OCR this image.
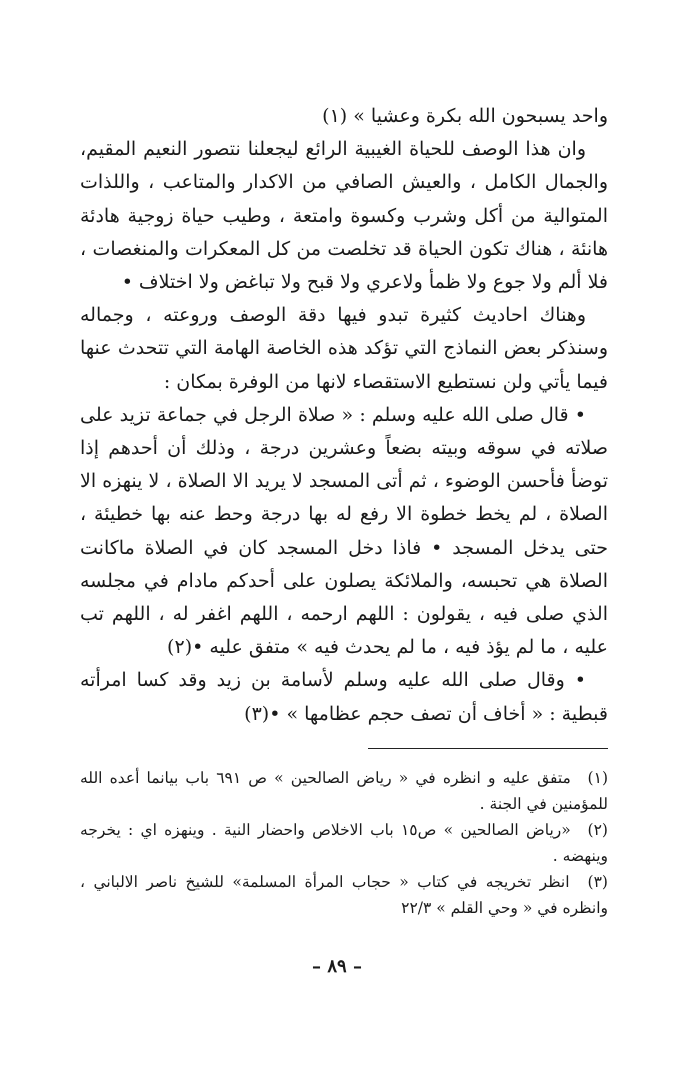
واحد يسبحون الله بكرة وعشيا » (١)

وان هذا الوصف للحياة الغيبية الرائع ليجعلنا نتصور النعيم المقيم، والجمال الكامل ، والعيش الصافي من الاكدار والمتاعب ، واللذات المتوالية من أكل وشرب وكسوة وامتعة ، وطيب حياة زوجية هادئة هانئة ، هناك تكون الحياة قد تخلصت من كل المعكرات والمنغصات ، فلا ألم ولا جوع ولا ظمأ ولاعري ولا قبح ولا تباغض ولا اختلاف •

وهناك احاديث كثيرة تبدو فيها دقة الوصف وروعته ، وجماله وسنذكر بعض النماذج التي تؤكد هذه الخاصة الهامة التي تتحدث عنها فيما يأتي ولن نستطيع الاستقصاء لانها من الوفرة بمكان :

• قال صلى الله عليه وسلم : « صلاة الرجل في جماعة تزيد على صلاته في سوقه وبيته بضعاً وعشرين درجة ، وذلك أن أحدهم إذا توضأ فأحسن الوضوء ، ثم أتى المسجد لا يريد الا الصلاة ، لا ينهزه الا الصلاة ، لم يخط خطوة الا رفع له بها درجة وحط عنه بها خطيئة ، حتى يدخل المسجد • فاذا دخل المسجد كان في الصلاة ماكانت الصلاة هي تحبسه، والملائكة يصلون على أحدكم مادام في مجلسه الذي صلى فيه ، يقولون : اللهم ارحمه ، اللهم اغفر له ، اللهم تب عليه ، ما لم يؤذ فيه ، ما لم يحدث فيه » متفق عليه •(٢)

• وقال صلى الله عليه وسلم لأسامة بن زيد وقد كسا امرأته قبطية : « أخاف أن تصف حجم عظامها » •(٣)

(١) متفق عليه و انظره في « رياض الصالحين » ص ٦٩١ باب بيانما أعده الله للمؤمنين في الجنة .

(٢) «رياض الصالحين » ص١٥ باب الاخلاص واحضار النية . وينهزه اي : يخرجه وينهضه .

(٣) انظر تخريجه في كتاب « حجاب المرأة المسلمة» للشيخ ناصر الالباني ، وانظره في « وحي القلم » ٢٢/٣

– ٨٩ –
